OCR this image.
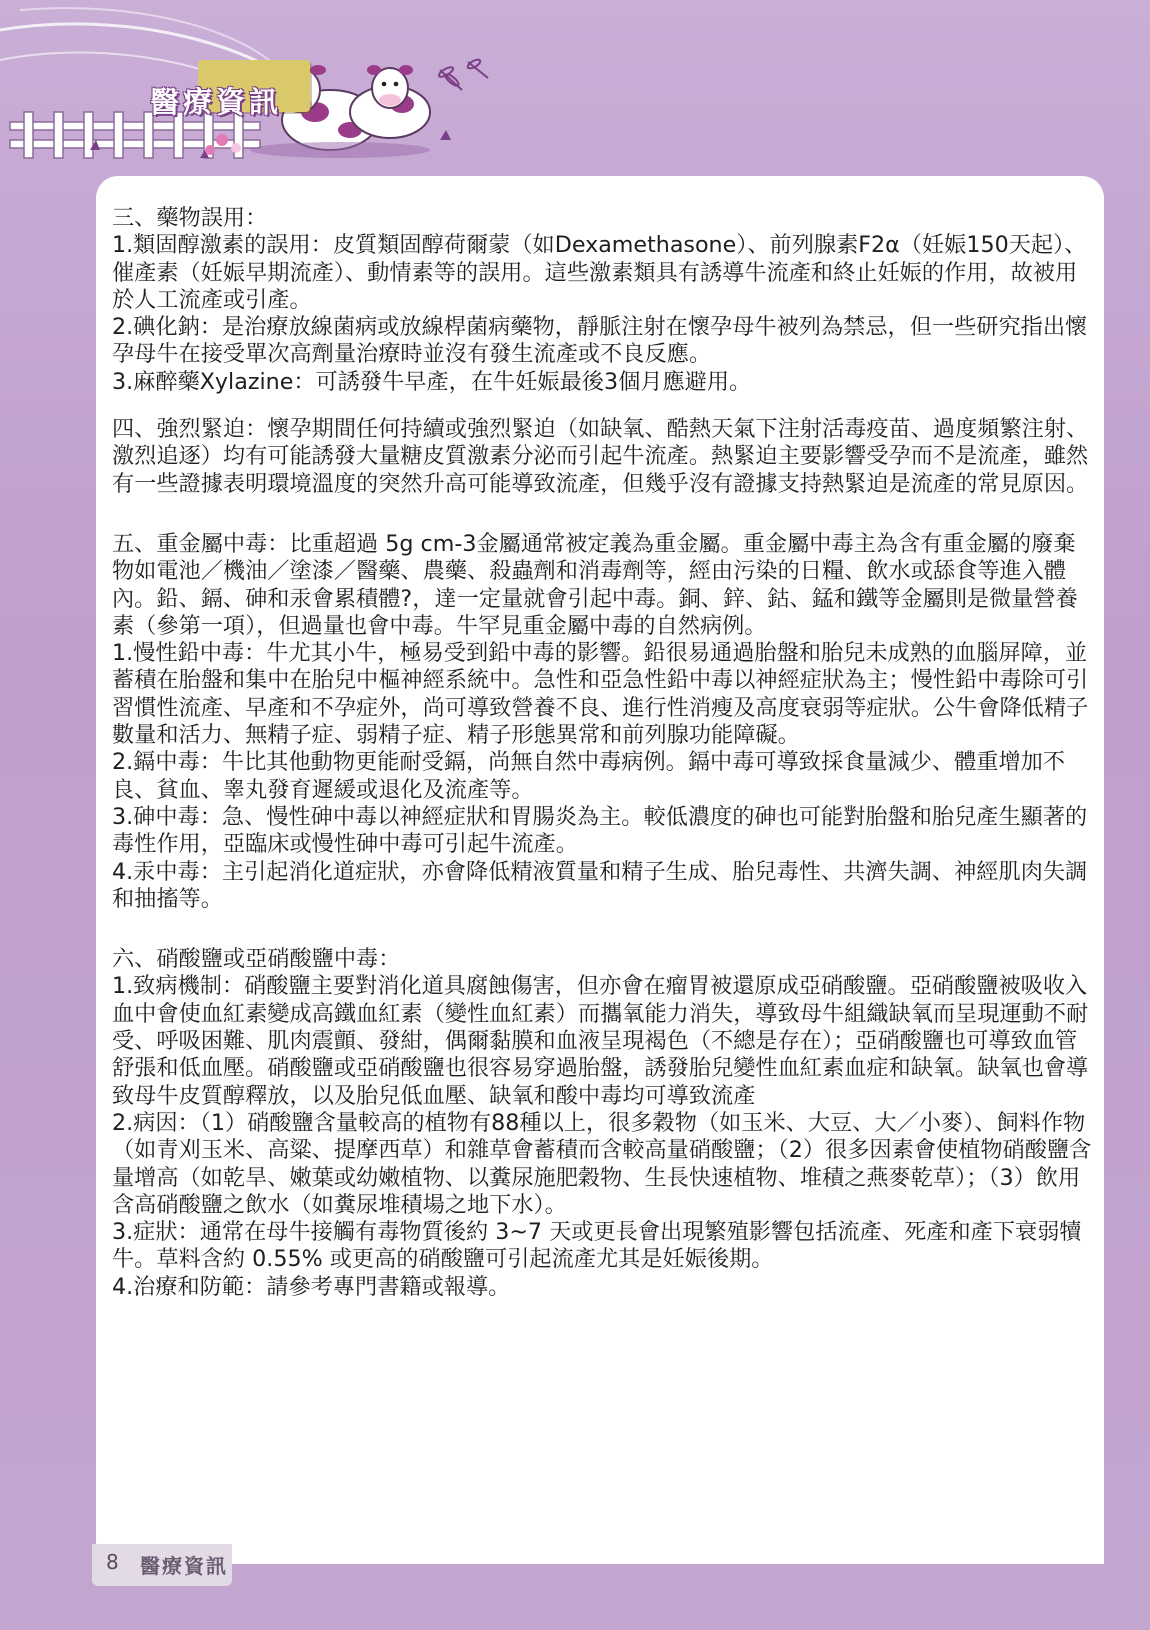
醫療資訊

三、藥物誤用：

1.類固醇激素的誤用：皮質類固醇荷爾蒙（如Dexamethasone）、前列腺素F2α（妊娠150天起）、催產素（妊娠早期流產）、動情素等的誤用。這些激素類具有誘導牛流產和終止妊娠的作用，故被用於人工流產或引產。

2.碘化鈉：是治療放線菌病或放線桿菌病藥物，靜脈注射在懷孕母牛被列為禁忌，但一些研究指出懷孕母牛在接受單次高劑量治療時並沒有發生流產或不良反應。

3.麻醉藥Xylazine：可誘發牛早產，在牛妊娠最後3個月應避用。

四、強烈緊迫：懷孕期間任何持續或強烈緊迫（如缺氧、酷熱天氣下注射活毒疫苗、過度頻繁注射、激烈追逐）均有可能誘發大量糖皮質激素分泌而引起牛流產。熱緊迫主要影響受孕而不是流產，雖然有一些證據表明環境溫度的突然升高可能導致流產，但幾乎沒有證據支持熱緊迫是流產的常見原因。

五、重金屬中毒：比重超過 5g cm-3金屬通常被定義為重金屬。重金屬中毒主為含有重金屬的廢棄物如電池／機油／塗漆／醫藥、農藥、殺蟲劑和消毒劑等，經由污染的日糧、飲水或舔食等進入體內。鉛、鎘、砷和汞會累積體?，達一定量就會引起中毒。銅、鋅、鈷、錳和鐵等金屬則是微量營養素（參第一項），但過量也會中毒。牛罕見重金屬中毒的自然病例。

1.慢性鉛中毒：牛尤其小牛，極易受到鉛中毒的影響。鉛很易通過胎盤和胎兒未成熟的血腦屏障，並蓄積在胎盤和集中在胎兒中樞神經系統中。急性和亞急性鉛中毒以神經症狀為主；慢性鉛中毒除可引習慣性流產、早產和不孕症外，尚可導致營養不良、進行性消瘦及高度衰弱等症狀。公牛會降低精子數量和活力、無精子症、弱精子症、精子形態異常和前列腺功能障礙。

2.鎘中毒：牛比其他動物更能耐受鎘，尚無自然中毒病例。鎘中毒可導致採食量減少、體重增加不良、貧血、睾丸發育遲緩或退化及流產等。

3.砷中毒：急、慢性砷中毒以神經症狀和胃腸炎為主。較低濃度的砷也可能對胎盤和胎兒產生顯著的毒性作用，亞臨床或慢性砷中毒可引起牛流產。

4.汞中毒：主引起消化道症狀，亦會降低精液質量和精子生成、胎兒毒性、共濟失調、神經肌肉失調和抽搐等。

六、硝酸鹽或亞硝酸鹽中毒：

1.致病機制：硝酸鹽主要對消化道具腐蝕傷害，但亦會在瘤胃被還原成亞硝酸鹽。亞硝酸鹽被吸收入血中會使血紅素變成高鐵血紅素（變性血紅素）而攜氧能力消失，導致母牛組織缺氧而呈現運動不耐受、呼吸困難、肌肉震顫、發紺，偶爾黏膜和血液呈現褐色（不總是存在）；亞硝酸鹽也可導致血管舒張和低血壓。硝酸鹽或亞硝酸鹽也很容易穿過胎盤，誘發胎兒變性血紅素血症和缺氧。缺氧也會導致母牛皮質醇釋放，以及胎兒低血壓、缺氧和酸中毒均可導致流產

2.病因：（1）硝酸鹽含量較高的植物有88種以上，很多穀物（如玉米、大豆、大／小麥）、飼料作物（如青刈玉米、高粱、提摩西草）和雜草會蓄積而含較高量硝酸鹽；（2）很多因素會使植物硝酸鹽含量增高（如乾旱、嫩葉或幼嫩植物、以糞尿施肥穀物、生長快速植物、堆積之燕麥乾草）；（3）飲用含高硝酸鹽之飲水（如糞尿堆積場之地下水）。

3.症狀：通常在母牛接觸有毒物質後約 3~7 天或更長會出現繁殖影響包括流產、死產和產下衰弱犢牛。草料含約 0.55% 或更高的硝酸鹽可引起流產尤其是妊娠後期。

4.治療和防範：請參考專門書籍或報導。

8 醫療資訊
